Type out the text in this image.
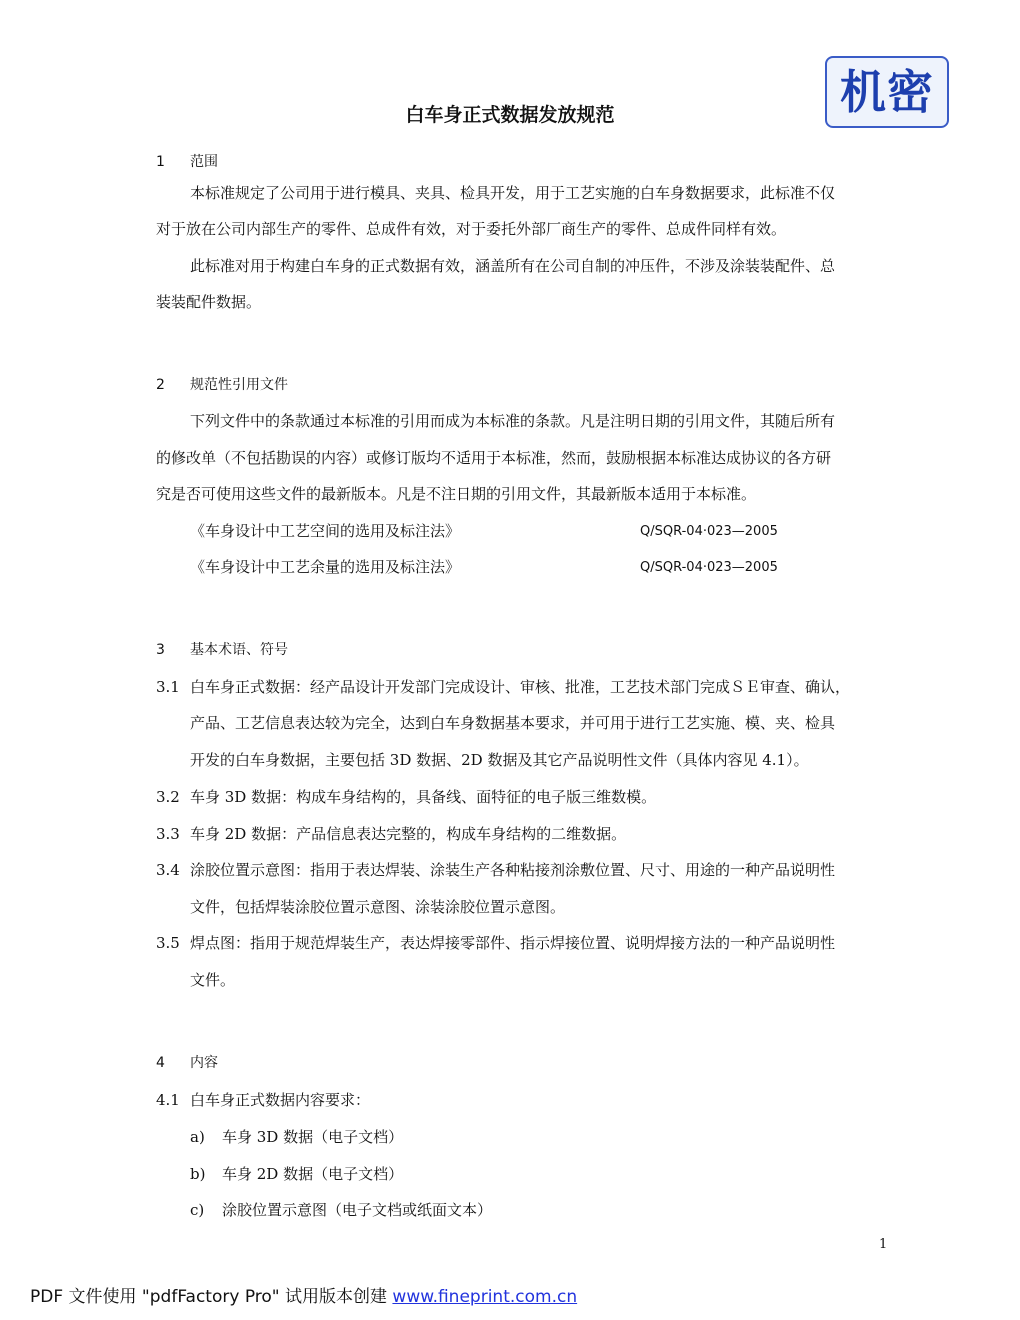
机密
白车身正式数据发放规范
1 范围
本标准规定了公司用于进行模具、夹具、检具开发，用于工艺实施的白车身数据要求，此标准不仅
对于放在公司内部生产的零件、总成件有效，对于委托外部厂商生产的零件、总成件同样有效。
此标准对用于构建白车身的正式数据有效，涵盖所有在公司自制的冲压件，不涉及涂装装配件、总
装装配件数据。
2 规范性引用文件
下列文件中的条款通过本标准的引用而成为本标准的条款。凡是注明日期的引用文件，其随后所有
的修改单（不包括勘误的内容）或修订版均不适用于本标准，然而，鼓励根据本标准达成协议的各方研
究是否可使用这些文件的最新版本。凡是不注日期的引用文件，其最新版本适用于本标准。
《车身设计中工艺空间的选用及标注法》	Q/SQR-04·023—2005
《车身设计中工艺余量的选用及标注法》	Q/SQR-04·023—2005
3 基本术语、符号
3.1 白车身正式数据：经产品设计开发部门完成设计、审核、批准，工艺技术部门完成ＳＥ审查、确认，
产品、工艺信息表达较为完全，达到白车身数据基本要求，并可用于进行工艺实施、模、夹、检具
开发的白车身数据，主要包括 3D 数据、2D 数据及其它产品说明性文件（具体内容见 4.1）。
3.2 车身 3D 数据：构成车身结构的，具备线、面特征的电子版三维数模。
3.3 车身 2D 数据：产品信息表达完整的，构成车身结构的二维数据。
3.4 涂胶位置示意图：指用于表达焊装、涂装生产各种粘接剂涂敷位置、尺寸、用途的一种产品说明性
文件，包括焊装涂胶位置示意图、涂装涂胶位置示意图。
3.5 焊点图：指用于规范焊装生产，表达焊接零部件、指示焊接位置、说明焊接方法的一种产品说明性
文件。
4 内容
4.1 白车身正式数据内容要求：
a) 车身 3D 数据（电子文档）
b) 车身 2D 数据（电子文档）
c) 涂胶位置示意图（电子文档或纸面文本）
1
PDF 文件使用 "pdfFactory Pro" 试用版本创建 www.fineprint.com.cn
